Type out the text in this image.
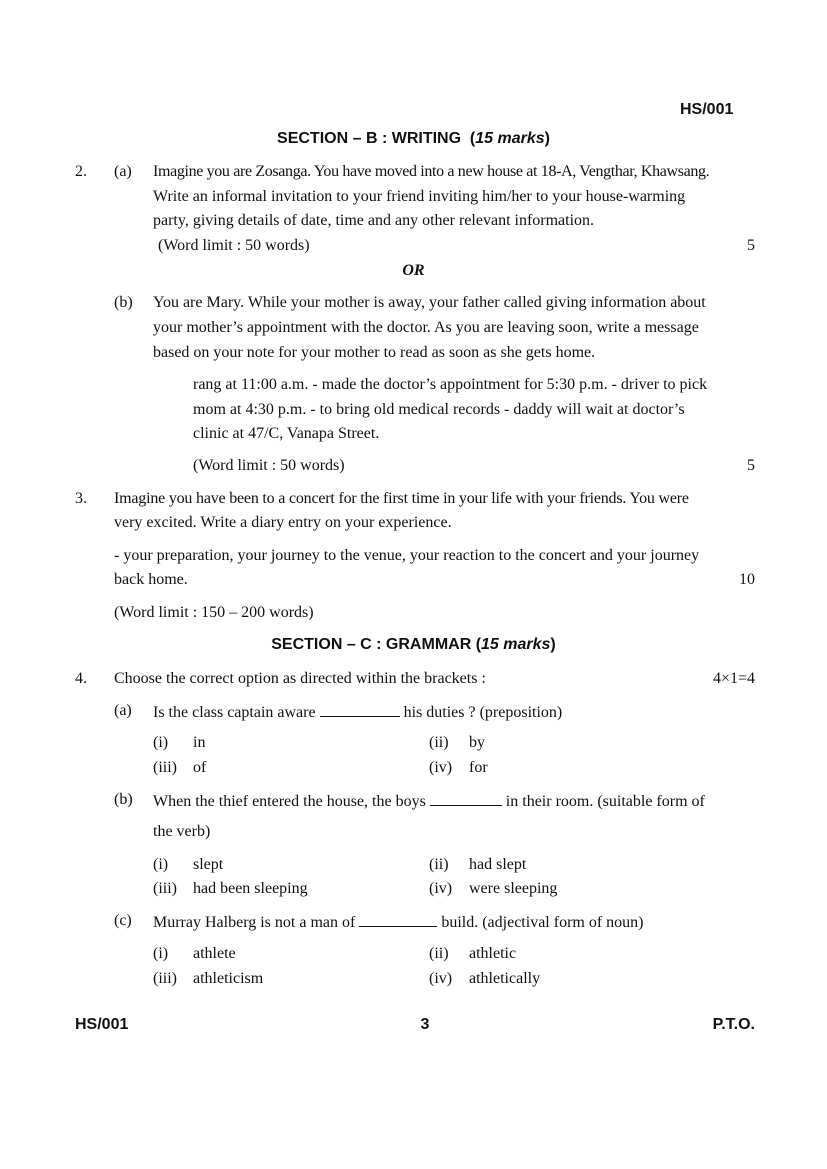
HS/001
SECTION – B : WRITING  (15 marks)
2. (a) Imagine you are Zosanga. You have moved into a new house at 18-A, Vengthar, Khawsang.
Write an informal invitation to your friend inviting him/her to your house-warming
party, giving details of date, time and any other relevant information.
(Word limit : 50 words)	5
OR
(b) You are Mary. While your mother is away, your father called giving information about
your mother’s appointment with the doctor. As you are leaving soon, write a message
based on your note for your mother to read as soon as she gets home.
rang at 11:00 a.m. - made the doctor’s appointment for 5:30 p.m. - driver to pick
mom at 4:30 p.m. - to bring old medical records - daddy will wait at doctor’s
clinic at 47/C, Vanapa Street.
(Word limit : 50 words)	5
3. Imagine you have been to a concert for the first time in your life with your friends. You were
very excited. Write a diary entry on your experience.
- your preparation, your journey to the venue, your reaction to the concert and your journey
back home.	10
(Word limit : 150 – 200 words)
SECTION – C : GRAMMAR (15 marks)
4. Choose the correct option as directed within the brackets :	4×1=4
(a) Is the class captain aware	his duties ? (preposition)
(i) in	(ii) by
(iii) of	(iv) for
(b) When the thief entered the house, the boys	in their room. (suitable form of
the verb)
(i) slept	(ii) had slept
(iii) had been sleeping	(iv) were sleeping
(c) Murray Halberg is not a man of	build. (adjectival form of noun)
(i) athlete	(ii) athletic
(iii) athleticism	(iv) athletically
HS/001	3	P.T.O.
